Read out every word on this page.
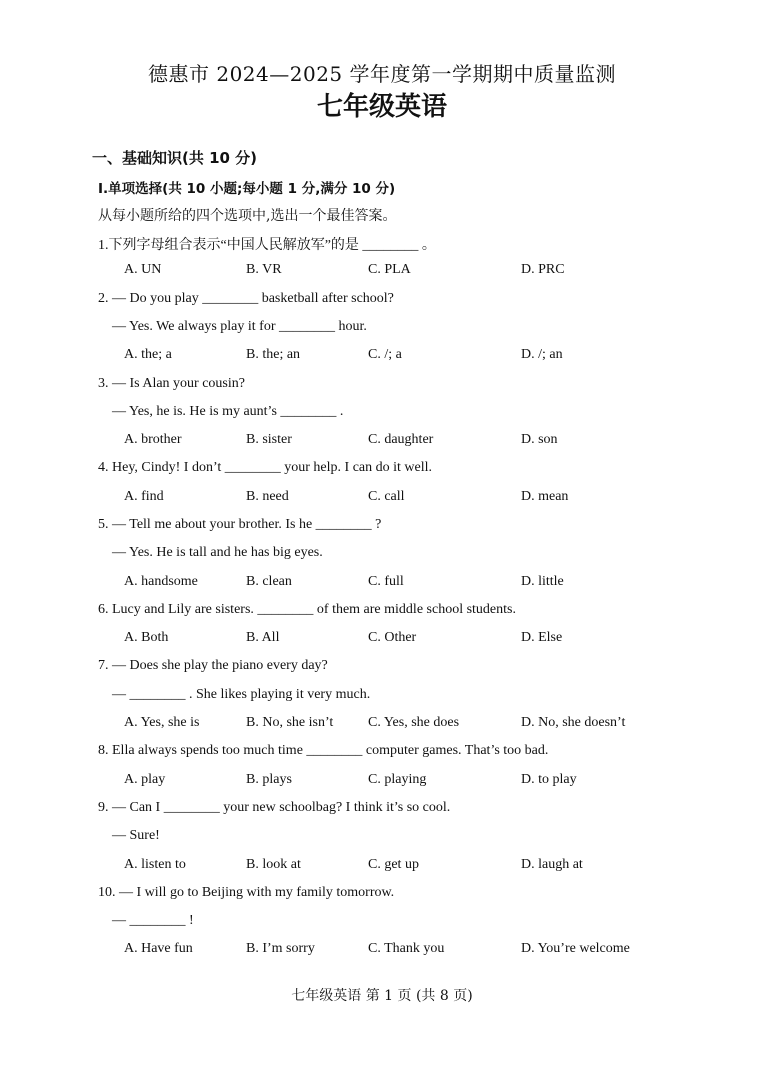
德惠市 2024—2025 学年度第一学期期中质量监测
七年级英语
一、基础知识(共 10 分)
Ⅰ.单项选择(共 10 小题;每小题 1 分,满分 10 分)
从每小题所给的四个选项中,选出一个最佳答案。
1.下列字母组合表示“中国人民解放军”的是 ________ 。
A. UN	B. VR	C. PLA	D. PRC
2. — Do you play ________ basketball after school?
— Yes. We always play it for ________ hour.
A. the; a	B. the; an	C. /; a	D. /; an
3. — Is Alan your cousin?
— Yes, he is. He is my aunt’s ________ .
A. brother	B. sister	C. daughter	D. son
4. Hey, Cindy! I don’t ________ your help. I can do it well.
A. find	B. need	C. call	D. mean
5. — Tell me about your brother. Is he ________ ?
— Yes. He is tall and he has big eyes.
A. handsome	B. clean	C. full	D. little
6. Lucy and Lily are sisters. ________ of them are middle school students.
A. Both	B. All	C. Other	D. Else
7. — Does she play the piano every day?
— ________ . She likes playing it very much.
A. Yes, she is	B. No, she isn’t C. Yes, she does	D. No, she doesn’t
8. Ella always spends too much time ________ computer games. That’s too bad.
A. play	B. plays	C. playing	D. to play
9. — Can I ________ your new schoolbag? I think it’s so cool.
— Sure!
A. listen to	B. look at	C. get up	D. laugh at
10. — I will go to Beijing with my family tomorrow.
— ________ !
A. Have fun	B. I’m sorry	C. Thank you	D. You’re welcome
七年级英语 第 1 页 (共 8 页)
